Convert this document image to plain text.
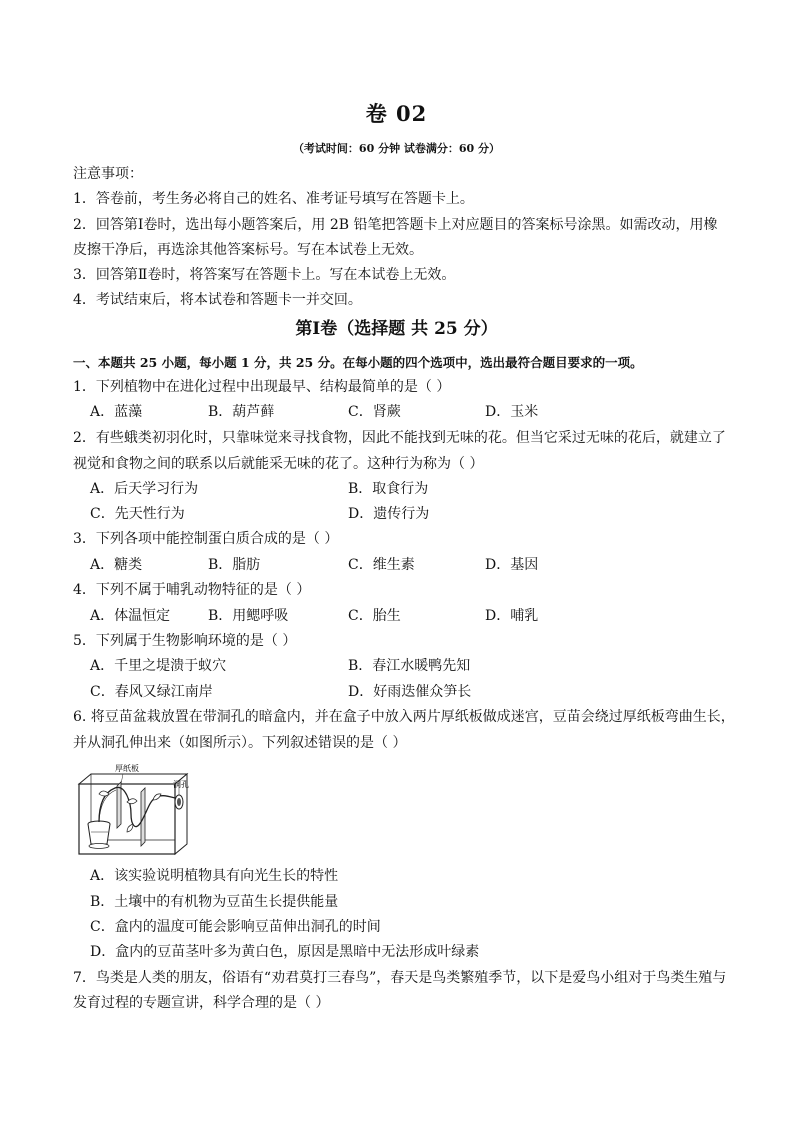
卷 02
（考试时间：60 分钟 试卷满分：60 分）
注意事项：
1．答卷前，考生务必将自己的姓名、准考证号填写在答题卡上。
2．回答第Ⅰ卷时，选出每小题答案后，用 2B 铅笔把答题卡上对应题目的答案标号涂黑。如需改动，用橡
皮擦干净后，再选涂其他答案标号。写在本试卷上无效。
3．回答第Ⅱ卷时，将答案写在答题卡上。写在本试卷上无效。
4．考试结束后，将本试卷和答题卡一并交回。
第Ⅰ卷（选择题 共 25 分）
一、本题共 25 小题，每小题 1 分，共 25 分。在每小题的四个选项中，选出最符合题目要求的一项。
1．下列植物中在进化过程中出现最早、结构最简单的是（ ）
A．蓝藻	B．葫芦藓	C．肾蕨	D．玉米
2．有些蛾类初羽化时，只靠味觉来寻找食物，因此不能找到无味的花。但当它采过无味的花后，就建立了
视觉和食物之间的联系以后就能采无味的花了。这种行为称为（ ）
A．后天学习行为	B．取食行为
C．先天性行为	D．遗传行为
3．下列各项中能控制蛋白质合成的是（ ）
A．糖类	B．脂肪	C．维生素	D．基因
4．下列不属于哺乳动物特征的是（ ）
A．体温恒定	B．用鳃呼吸	C．胎生	D．哺乳
5．下列属于生物影响环境的是（ ）
A．千里之堤溃于蚁穴	B．春江水暖鸭先知
C．春风又绿江南岸	D．好雨迭催众笋长
6. 将豆苗盆栽放置在带洞孔的暗盒内，并在盒子中放入两片厚纸板做成迷宫，豆苗会绕过厚纸板弯曲生长，
并从洞孔伸出来（如图所示）。下列叙述错误的是（ ）
厚纸板
洞孔
A．该实验说明植物具有向光生长的特性
B．土壤中的有机物为豆苗生长提供能量
C．盒内的温度可能会影响豆苗伸出洞孔的时间
D．盒内的豆苗茎叶多为黄白色，原因是黑暗中无法形成叶绿素
7．鸟类是人类的朋友，俗语有“劝君莫打三春鸟”，春天是鸟类繁殖季节，以下是爱鸟小组对于鸟类生殖与
发育过程的专题宣讲，科学合理的是（ ）
